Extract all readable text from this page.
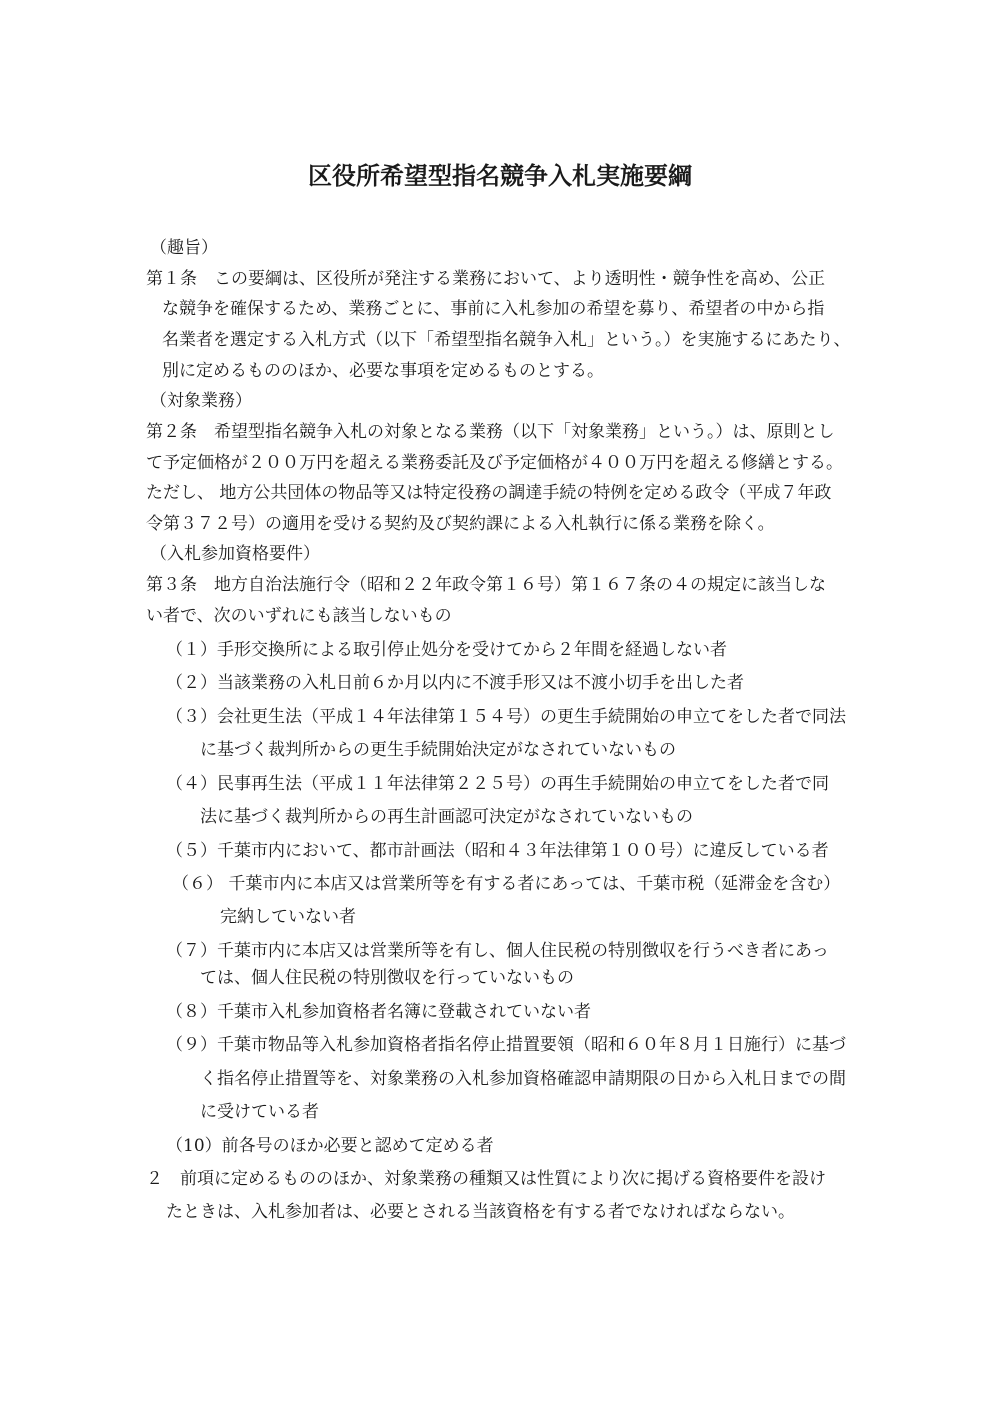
区役所希望型指名競争入札実施要綱
（趣旨）
第１条　この要綱は、区役所が発注する業務において、より透明性・競争性を高め、公正
な競争を確保するため、業務ごとに、事前に入札参加の希望を募り、希望者の中から指
名業者を選定する入札方式（以下「希望型指名競争入札」という。）を実施するにあたり、
別に定めるもののほか、必要な事項を定めるものとする。
（対象業務）
第２条　希望型指名競争入札の対象となる業務（以下「対象業務」という。）は、原則とし
て予定価格が２００万円を超える業務委託及び予定価格が４００万円を超える修繕とする。
ただし、 地方公共団体の物品等又は特定役務の調達手続の特例を定める政令（平成７年政
令第３７２号）の適用を受ける契約及び契約課による入札執行に係る業務を除く。
（入札参加資格要件）
第３条　地方自治法施行令（昭和２２年政令第１６号）第１６７条の４の規定に該当しな
い者で、次のいずれにも該当しないもの
（１）手形交換所による取引停止処分を受けてから２年間を経過しない者
（２）当該業務の入札日前６か月以内に不渡手形又は不渡小切手を出した者
（３）会社更生法（平成１４年法律第１５４号）の更生手続開始の申立てをした者で同法
に基づく裁判所からの更生手続開始決定がなされていないもの
（４）民事再生法（平成１１年法律第２２５号）の再生手続開始の申立てをした者で同
法に基づく裁判所からの再生計画認可決定がなされていないもの
（５）千葉市内において、都市計画法（昭和４３年法律第１００号）に違反している者
（６） 千葉市内に本店又は営業所等を有する者にあっては、千葉市税（延滞金を含む）
完納していない者
（７）千葉市内に本店又は営業所等を有し、個人住民税の特別徴収を行うべき者にあっ
ては、個人住民税の特別徴収を行っていないもの
（８）千葉市入札参加資格者名簿に登載されていない者
（９）千葉市物品等入札参加資格者指名停止措置要領（昭和６０年８月１日施行）に基づ
く指名停止措置等を、対象業務の入札参加資格確認申請期限の日から入札日までの間
に受けている者
（10）前各号のほか必要と認めて定める者
２　前項に定めるもののほか、対象業務の種類又は性質により次に掲げる資格要件を設け
たときは、入札参加者は、必要とされる当該資格を有する者でなければならない。
